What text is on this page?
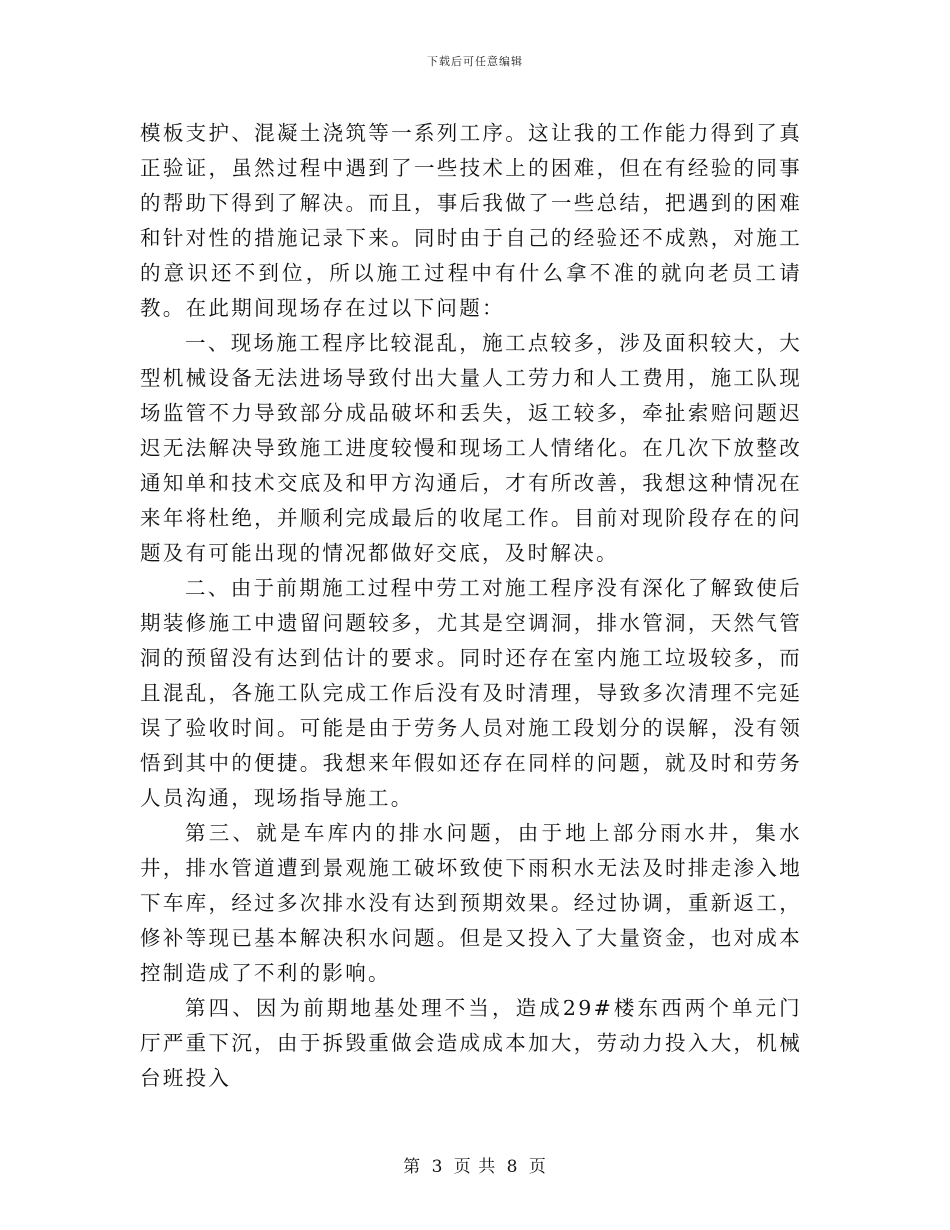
下载后可任意编辑

模板支护、混凝土浇筑等一系列工序。这让我的工作能力得到了真正验证，虽然过程中遇到了一些技术上的困难，但在有经验的同事的帮助下得到了解决。而且，事后我做了一些总结，把遇到的困难和针对性的措施记录下来。同时由于自己的经验还不成熟，对施工的意识还不到位，所以施工过程中有什么拿不准的就向老员工请教。在此期间现场存在过以下问题：

一、现场施工程序比较混乱，施工点较多，涉及面积较大，大型机械设备无法进场导致付出大量人工劳力和人工费用，施工队现场监管不力导致部分成品破坏和丢失，返工较多，牵扯索赔问题迟迟无法解决导致施工进度较慢和现场工人情绪化。在几次下放整改通知单和技术交底及和甲方沟通后，才有所改善，我想这种情况在来年将杜绝，并顺利完成最后的收尾工作。目前对现阶段存在的问题及有可能出现的情况都做好交底，及时解决。

二、由于前期施工过程中劳工对施工程序没有深化了解致使后期装修施工中遗留问题较多，尤其是空调洞，排水管洞，天然气管洞的预留没有达到估计的要求。同时还存在室内施工垃圾较多，而且混乱，各施工队完成工作后没有及时清理，导致多次清理不完延误了验收时间。可能是由于劳务人员对施工段划分的误解，没有领悟到其中的便捷。我想来年假如还存在同样的问题，就及时和劳务人员沟通，现场指导施工。

第三、就是车库内的排水问题，由于地上部分雨水井，集水井，排水管道遭到景观施工破坏致使下雨积水无法及时排走渗入地下车库，经过多次排水没有达到预期效果。经过协调，重新返工，修补等现已基本解决积水问题。但是又投入了大量资金，也对成本控制造成了不利的影响。

第四、因为前期地基处理不当，造成29#楼东西两个单元门厅严重下沉，由于拆毁重做会造成成本加大，劳动力投入大，机械台班投入

第 3 页 共 8 页
